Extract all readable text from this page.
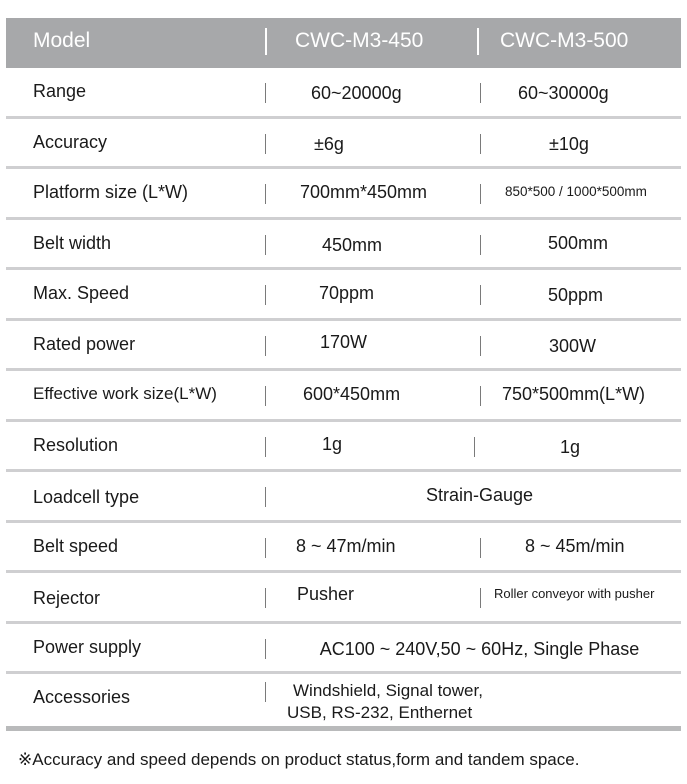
Model	CWC-M3-450	CWC-M3-500
Range	60~20000g	60~30000g
Accuracy	±6g	±10g
Platform size (L*W)	700mm*450mm	850*500 / 1000*500mm
Belt width	450mm	500mm
Max. Speed	70ppm	50ppm
Rated power	170W	300W
Effective work size(L*W)	600*450mm	750*500mm(L*W)
Resolution	1g	1g
Loadcell type	Strain-Gauge
Belt speed	8 ~ 47m/min	8 ~ 45m/min
Rejector	Pusher	Roller conveyor with pusher
Power supply	AC100 ~ 240V,50 ~ 60Hz, Single Phase
Accessories	Windshield, Signal tower,
USB, RS-232, Enthernet
※Accuracy and speed depends on product status,form and tandem space.
